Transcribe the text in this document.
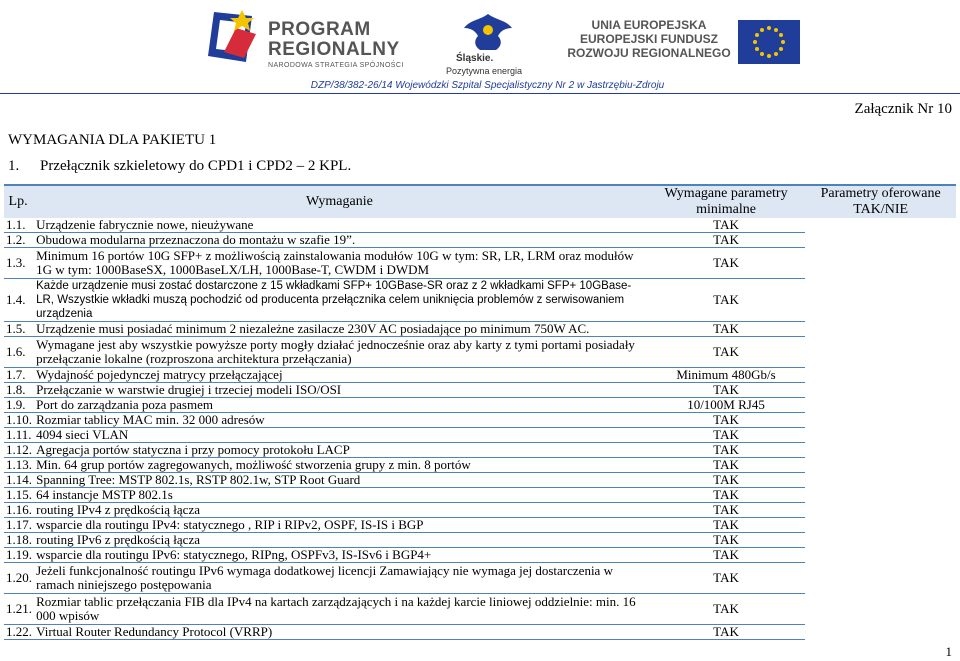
PROGRAM
REGIONALNY
NARODOWA STRATEGIA SPÓJNOŚCI
Śląskie.
Pozytywna energia
UNIA EUROPEJSKA
EUROPEJSKI FUNDUSZ
ROZWOJU REGIONALNEGO
DZP/38/382-26/14 Wojewódzki Szpital Specjalistyczny Nr 2 w Jastrzębiu-Zdroju
Załącznik Nr 10
WYMAGANIA DLA PAKIETU 1
1. Przełącznik szkieletowy do CPD1 i CPD2 – 2 KPL.
Lp.	Wymaganie	Wymagane parametry minimalne	Parametry oferowane TAK/NIE
1.1.	Urządzenie fabrycznie nowe, nieużywane	TAK	
1.2.	Obudowa modularna przeznaczona do montażu w szafie 19”.	TAK	
1.3.	Minimum 16 portów 10G SFP+ z możliwością zainstalowania modułów 10G w tym: SR, LR, LRM oraz modułów 1G w tym: 1000BaseSX, 1000BaseLX/LH, 1000Base-T, CWDM i DWDM	TAK	
1.4.	Każde urządzenie musi zostać dostarczone z 15 wkładkami SFP+ 10GBase-SR oraz z 2 wkładkami SFP+ 10GBase-LR, Wszystkie wkładki muszą pochodzić od producenta przełącznika celem uniknięcia problemów z serwisowaniem urządzenia	TAK	
1.5.	Urządzenie musi posiadać minimum 2 niezależne zasilacze 230V AC posiadające po minimum 750W AC.	TAK	
1.6.	Wymagane jest aby wszystkie powyższe porty mogły działać jednocześnie oraz aby karty z tymi portami posiadały przełączanie lokalne (rozproszona architektura przełączania)	TAK	
1.7.	Wydajność pojedynczej matrycy przełączającej	Minimum 480Gb/s	
1.8.	Przełączanie w warstwie drugiej i trzeciej modeli ISO/OSI	TAK	
1.9.	Port do zarządzania poza pasmem	10/100M RJ45	
1.10.	Rozmiar tablicy MAC min. 32 000 adresów	TAK	
1.11.	4094 sieci VLAN	TAK	
1.12.	Agregacja portów statyczna i przy pomocy protokołu LACP	TAK	
1.13.	Min. 64 grup portów zagregowanych, możliwość stworzenia grupy z min. 8 portów	TAK	
1.14.	Spanning Tree: MSTP 802.1s, RSTP 802.1w, STP Root Guard	TAK	
1.15.	64 instancje MSTP 802.1s	TAK	
1.16.	routing IPv4 z prędkością łącza	TAK	
1.17.	wsparcie dla routingu IPv4: statycznego , RIP i RIPv2, OSPF, IS-IS i BGP	TAK	
1.18.	routing IPv6 z prędkością łącza	TAK	
1.19.	wsparcie dla routingu IPv6: statycznego, RIPng, OSPFv3, IS-ISv6 i BGP4+	TAK	
1.20.	Jeżeli funkcjonalność routingu IPv6 wymaga dodatkowej licencji Zamawiający nie wymaga jej dostarczenia w ramach niniejszego postępowania	TAK	
1.21.	Rozmiar tablic przełączania FIB dla IPv4 na kartach zarządzających i na każdej karcie liniowej oddzielnie: min. 16 000 wpisów	TAK	
1.22.	Virtual Router Redundancy Protocol (VRRP)	TAK	
1
